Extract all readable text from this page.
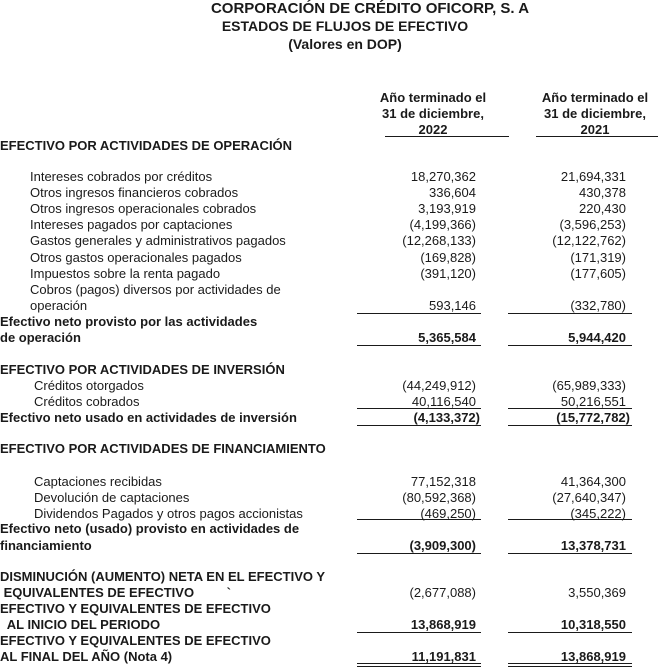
CORPORACIÓN DE CRÉDITO OFICORP, S. A
ESTADOS DE FLUJOS DE EFECTIVO
(Valores en DOP)
Año terminado el
31 de diciembre,
2022
Año terminado el
31 de diciembre,
2021
EFECTIVO POR ACTIVIDADES DE OPERACIÓN
Intereses cobrados por créditos	18,270,362	21,694,331
Otros ingresos financieros cobrados	336,604	430,378
Otros ingresos operacionales cobrados	3,193,919	220,430
Intereses pagados por captaciones	(4,199,366)	(3,596,253)
Gastos generales y administrativos pagados	(12,268,133)	(12,122,762)
Otros gastos operacionales pagados	(169,828)	(171,319)
Impuestos sobre la renta pagado	(391,120)	(177,605)
Cobros (pagos) diversos por actividades de
operación	593,146	(332,780)
Efectivo neto provisto por las actividades
de operación	5,365,584	5,944,420
EFECTIVO POR ACTIVIDADES DE INVERSIÓN
Créditos otorgados	(44,249,912)	(65,989,333)
Créditos cobrados	40,116,540	50,216,551
Efectivo neto usado en actividades de inversión	(4,133,372)	(15,772,782)
EFECTIVO POR ACTIVIDADES DE FINANCIAMIENTO
Captaciones recibidas	77,152,318	41,364,300
Devolución de captaciones	(80,592,368)	(27,640,347)
Dividendos Pagados y otros pagos accionistas	(469,250)	(345,222)
Efectivo neto (usado) provisto en actividades de
financiamiento	(3,909,300)	13,378,731
DISMINUCIÓN (AUMENTO) NETA EN EL EFECTIVO Y
EQUIVALENTES DE EFECTIVO         `	(2,677,088)	3,550,369
EFECTIVO Y EQUIVALENTES DE EFECTIVO
AL INICIO DEL PERIODO	13,868,919	10,318,550
EFECTIVO Y EQUIVALENTES DE EFECTIVO
AL FINAL DEL AÑO (Nota 4)	11,191,831	13,868,919
